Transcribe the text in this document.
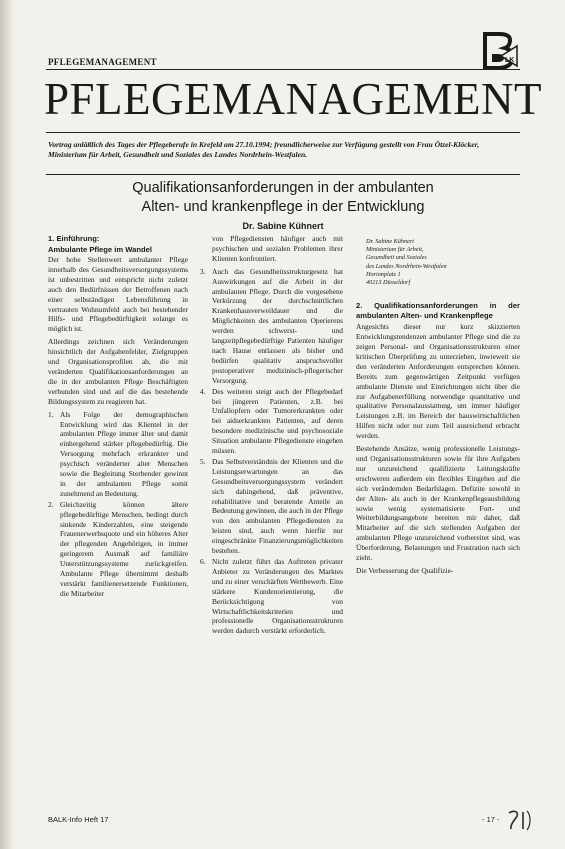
PFLEGEMANAGEMENT	LK
PFLEGEMANAGEMENT
Vortrag anläßlich des Tages der Pflegeberufe in Krefeld am 27.10.1994; freundlicherweise zur Verfügung gestellt von Frau Ötzel-Klöcker, Ministerium für Arbeit, Gesundheit und Soziales des Landes Nordrhein-Westfalen.
Qualifikationsanforderungen in der ambulanten
Alten- und krankenpflege in der Entwicklung
Dr. Sabine Kühnert
1. Einführung:
Ambulante Pflege im Wandel

Der hohe Stellenwert ambulanter Pflege innerhalb des Gesundheitsversorgungssystems ist unbestritten und entspricht nicht zuletzt auch den Bedürfnissen der Betroffenen nach einer selbständigen Lebensführung in vertrauten Wohnumfeld auch bei bestehender Hilfs- und Pflegebedürftigkeit solange es möglich ist.

Allerdings zeichnen sich Veränderungen hinsichtlich der Aufgabenfelder, Zielgruppen und Organisationsprofilen ab, die mit veränderten Qualifikationsanforderungen an die in der ambulanten Pflege Beschäftigten verbunden sind und auf die das bestehende Bildungssystem zu reagieren hat.

1. Als Folge der demographischen Entwicklung wird das Klientel in der ambulanten Pflege immer älter und damit einhergehend stärker pflegebedürftig. Die Versorgung mehrfach erkrankter und psychisch veränderter alter Menschen sowie die Begleitung Sterbender gewinnt in der ambulanten Pflege somit zunehmend an Bedeutung.
2. Gleichzeitig können ältere pflegebedürftige Menschen, bedingt durch sinkende Kinderzahlen, eine steigende Frauenerwerbsquote und ein höheres Alter der pflegenden Angehörigen, in immer geringerem Ausmaß auf familiäre Unterstützungssysteme zurückgreifen. Ambulante Pflege übernimmt deshalb verstärkt familienersetzende Funktionen, die Mitarbeiter

von Pflegediensten häufiger auch mit psychischen und sozialen Problemen ihrer Klienten konfrontiert.

3. Auch das Gesundheitsstrukturgesetz hat Auswirkungen auf die Arbeit in der ambulanten Pflege. Durch die vorgesehene Verkürzung der durchschnittlichen Krankenhausverweildauer und die Möglichkeiten des ambulanten Operierens werden schwerst- und langzeitpflegebedürftige Patienten häufiger nach Hause entlassen als bisher und bedürfen qualitativ anspruchsvoller postoperativer medizinisch-pflegerischer Versorgung.
4. Des weiteren steigt auch der Pflegebedarf bei jüngeren Patienten, z.B. bei Unfallopfern oder Tumorerkrankten oder bei aidserkrankten Patienten, auf deren besondere medizinische und psychosoziale Situation ambulante Pflegedienste eingehen müssen.
5. Das Selbstverständnis der Klienten und die Leistungserwartungen an das Gesundheitsversorgungssystem verändert sich dahingehend, daß präventive, rehabilitative und beratende Anteile an Bedeutung gewinnen, die auch in der Pflege von den ambulanten Pflegediensten zu leisten sind, auch wenn hierfür nur eingeschränkte Finanzierungsmöglichkeiten bestehen.
6. Nicht zuletzt führt das Auftreten privater Anbieter zu Veränderungen des Marktes und zu einer verschärften Wettbewerb. Eine stärkere Kundenorientierung, die Berücksichtigung von Wirtschaftlichkeitskriterien und professionelle Organisationsstrukturen werden dadurch verstärkt erforderlich.
Dr. Sabine Kühnert
Ministerium für Arbeit,
Gesundheit und Soziales
des Landes Nordrhein-Westfalen
Horionplatz 1
40213 Düsseldorf
2. Qualifikationsanforderungen in der ambulanten Alten- und Krankenpflege

Angesichts dieser nur kurz skizzierten Entwicklungstendenzen ambulanter Pflege sind die zu zeigen Personal- und Organisationsstrukturen einer kritischen Überprüfung zu unterziehen, inwieweit sie den veränderten Anforderungen entsprechen können. Bereits zum gegenwärtigen Zeitpunkt verfügen ambulante Dienste und Einrichtungen nicht über die zur Aufgabenerfüllung notwendige quantitative und qualitative Personalausstattung, um immer häufiger Leistungen z.B. im Bereich der hauswirtschaftlichen Hilfen nicht oder nur zum Teil ausreichend erbracht werden.

Bestehende Ansätze, wenig professionelle Leistungs- und Organisationsstrukturen sowie für ihre Aufgaben nur unzureichend qualifizierte Leitungskräfte erschweren außerdem ein flexibles Eingehen auf die sich verändernden Bedarfslagen. Defizite sowohl in der Alten- als auch in der Krankenpflegeausbildung sowie wenig systematisierte Fort- und Weiterbildungsangebote bereiten mir daher, daß Mitarbeiter auf die sich stellenden Aufgaben der ambulanten Pflege unzureichend vorbereitet sind, was Überforderung, Belastungen und Frustration nach sich zieht.

Die Verbesserung der Qualifizie-

BALK-Info Heft 17	- 17 -
